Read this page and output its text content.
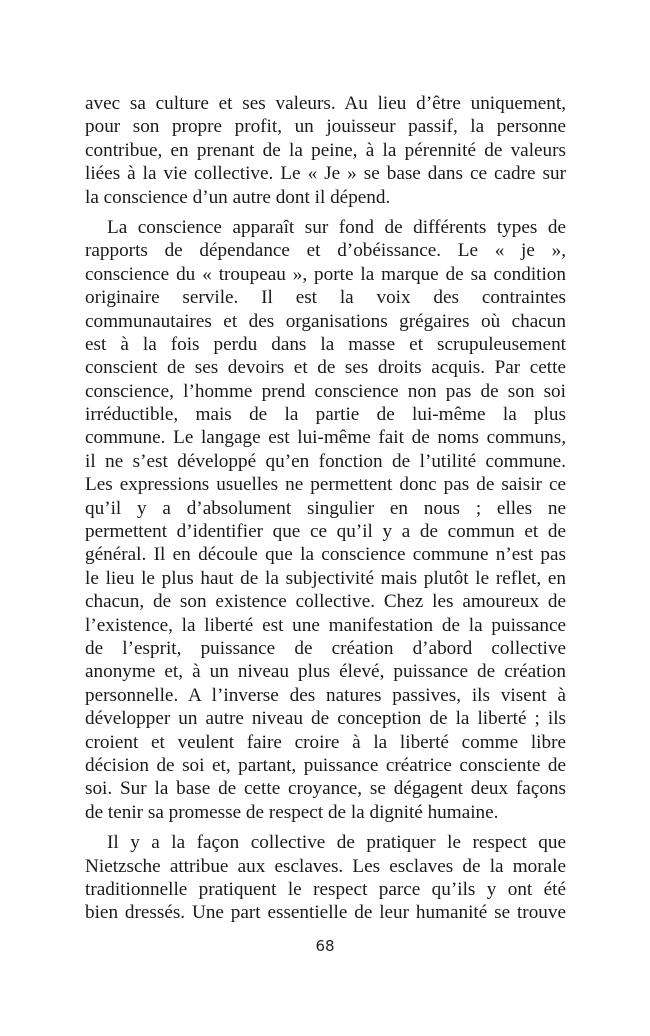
avec sa culture et ses valeurs. Au lieu d’être uniquement,
pour son propre profit, un jouisseur passif, la personne
contribue, en prenant de la peine, à la pérennité de valeurs
liées à la vie collective. Le « Je » se base dans ce cadre sur
la conscience d’un autre dont il dépend.
La conscience apparaît sur fond de différents types de
rapports de dépendance et d’obéissance. Le « je »,
conscience du « troupeau », porte la marque de sa condition
originaire servile. Il est la voix des contraintes
communautaires et des organisations grégaires où chacun
est à la fois perdu dans la masse et scrupuleusement
conscient de ses devoirs et de ses droits acquis. Par cette
conscience, l’homme prend conscience non pas de son soi
irréductible, mais de la partie de lui-même la plus
commune. Le langage est lui-même fait de noms communs,
il ne s’est développé qu’en fonction de l’utilité commune.
Les expressions usuelles ne permettent donc pas de saisir ce
qu’il y a d’absolument singulier en nous ; elles ne
permettent d’identifier que ce qu’il y a de commun et de
général. Il en découle que la conscience commune n’est pas
le lieu le plus haut de la subjectivité mais plutôt le reflet, en
chacun, de son existence collective. Chez les amoureux de
l’existence, la liberté est une manifestation de la puissance
de l’esprit, puissance de création d’abord collective
anonyme et, à un niveau plus élevé, puissance de création
personnelle. A l’inverse des natures passives, ils visent à
développer un autre niveau de conception de la liberté ; ils
croient et veulent faire croire à la liberté comme libre
décision de soi et, partant, puissance créatrice consciente de
soi. Sur la base de cette croyance, se dégagent deux façons
de tenir sa promesse de respect de la dignité humaine.
Il y a la façon collective de pratiquer le respect que
Nietzsche attribue aux esclaves. Les esclaves de la morale
traditionnelle pratiquent le respect parce qu’ils y ont été
bien dressés. Une part essentielle de leur humanité se trouve
68
